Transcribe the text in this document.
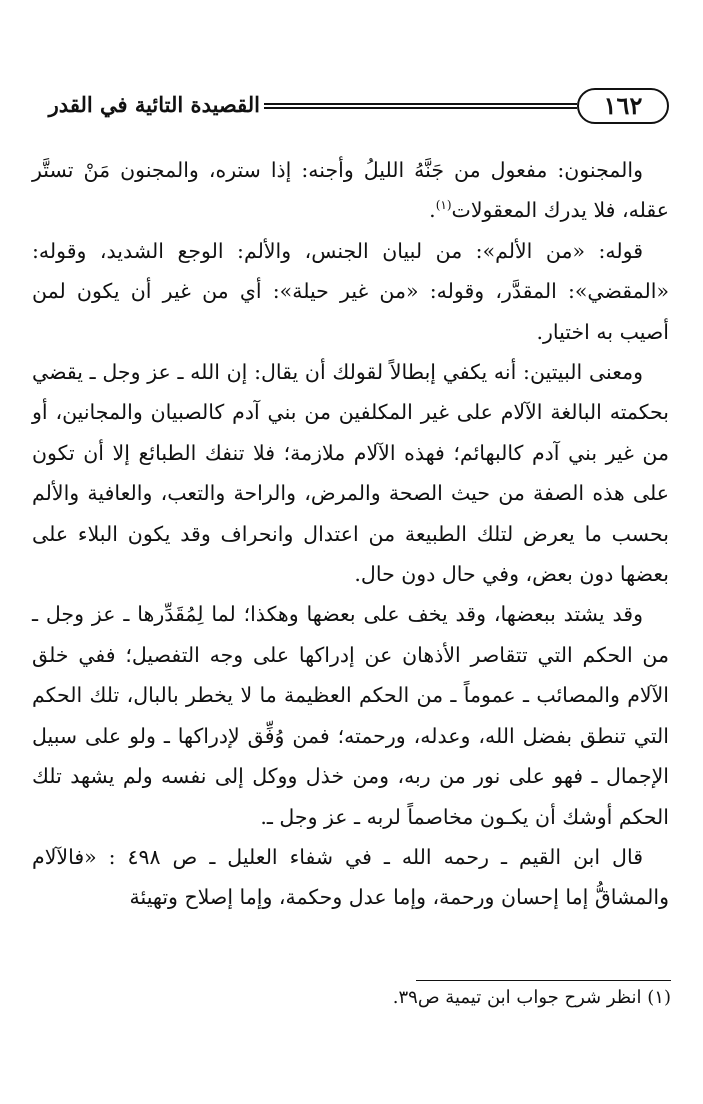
١٦٢
القصيدة التائية في القدر

والمجنون: مفعول من جَنَّهُ الليلُ وأجنه: إذا ستره، والمجنون مَنْ تستَّر عقله، فلا يدرك المعقولات$^{(١)}$.

قوله: «من الألم»: من لبيان الجنس، والألم: الوجع الشديد، وقوله: «المقضي»: المقدَّر، وقوله: «من غير حيلة»: أي من غير أن يكون لمن أصيب به اختيار.

ومعنى البيتين: أنه يكفي إبطالاً لقولك أن يقال: إن الله ـ عز وجل ـ يقضي بحكمته البالغة الآلام على غير المكلفين من بني آدم كالصبيان والمجانين، أو من غير بني آدم كالبهائم؛ فهذه الآلام ملازمة؛ فلا تنفك الطبائع إلا أن تكون على هذه الصفة من حيث الصحة والمرض، والراحة والتعب، والعافية والألم بحسب ما يعرض لتلك الطبيعة من اعتدال وانحراف وقد يكون البلاء على بعضها دون بعض، وفي حال دون حال.

وقد يشتد ببعضها، وقد يخف على بعضها وهكذا؛ لما لِمُقَدِّرها ـ عز وجل ـ من الحكم التي تتقاصر الأذهان عن إدراكها على وجه التفصيل؛ ففي خلق الآلام والمصائب ـ عموماً ـ من الحكم العظيمة ما لا يخطر بالبال، تلك الحكم التي تنطق بفضل الله، وعدله، ورحمته؛ فمن وُفِّق لإدراكها ـ ولو على سبيل الإجمال ـ فهو على نور من ربه، ومن خذل ووكل إلى نفسه ولم يشهد تلك الحكم أوشك أن يكـون مخاصماً لربه ـ عز وجل ـ.

قال ابن القيم ـ رحمه الله ـ في شفاء العليل ـ ص ٤٩٨ : «فالآلام والمشاقُّ إما إحسان ورحمة، وإما عدل وحكمة، وإما إصلاح وتهيئة

(١) انظر شرح جواب ابن تيمية ص٣٩.
